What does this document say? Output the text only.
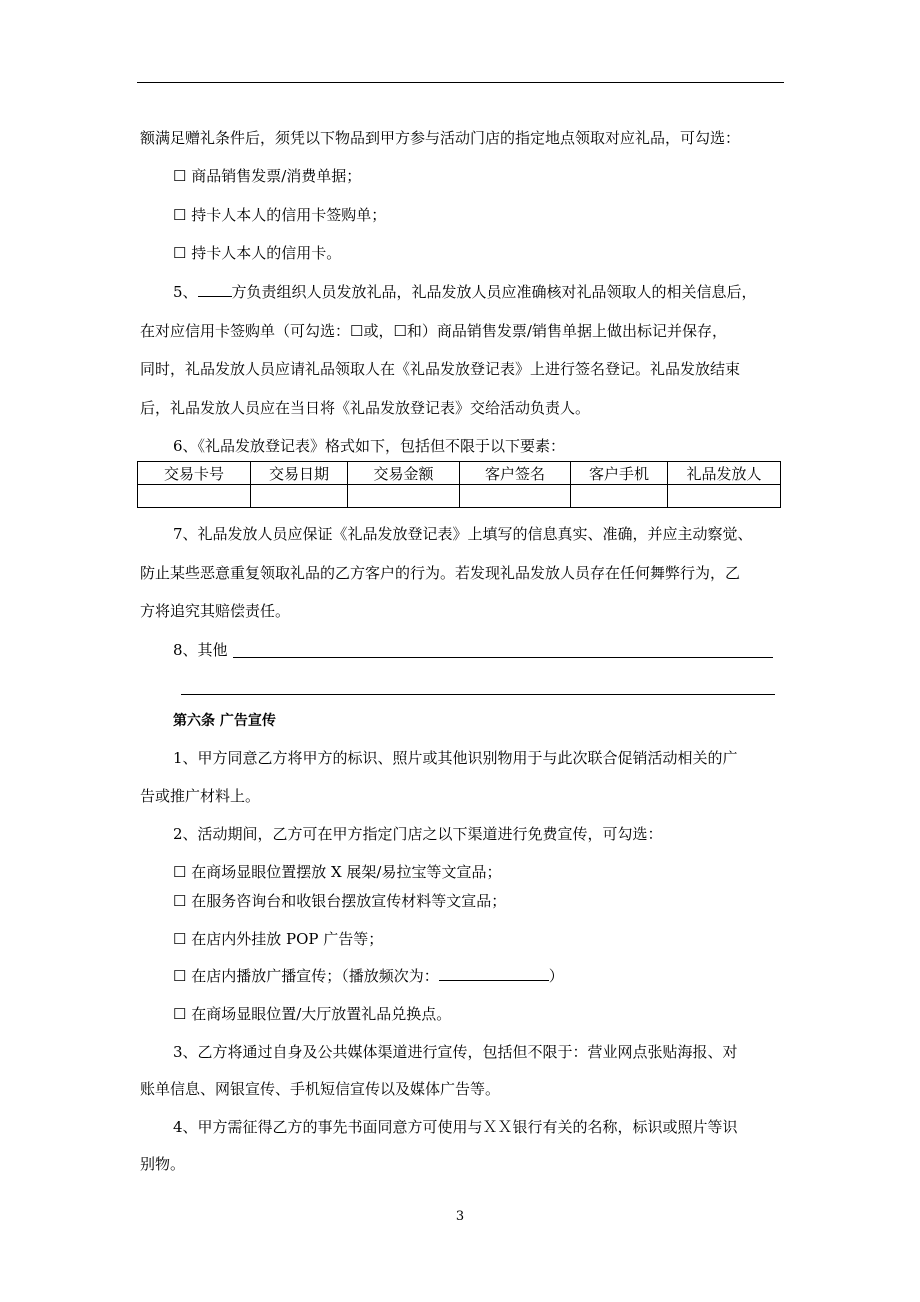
额满足赠礼条件后，须凭以下物品到甲方参与活动门店的指定地点领取对应礼品，可勾选：
☐ 商品销售发票/消费单据；
☐ 持卡人本人的信用卡签购单；
☐ 持卡人本人的信用卡。
5、 方负责组织人员发放礼品，礼品发放人员应准确核对礼品领取人的相关信息后，
在对应信用卡签购单（可勾选：☐或，☐和）商品销售发票/销售单据上做出标记并保存，
同时，礼品发放人员应请礼品领取人在《礼品发放登记表》上进行签名登记。礼品发放结束
后，礼品发放人员应在当日将《礼品发放登记表》交给活动负责人。
6、《礼品发放登记表》格式如下，包括但不限于以下要素：
交易卡号	交易日期	交易金额	客户签名	客户手机	礼品发放人

7、礼品发放人员应保证《礼品发放登记表》上填写的信息真实、准确，并应主动察觉、
防止某些恶意重复领取礼品的乙方客户的行为。若发现礼品发放人员存在任何舞弊行为，乙
方将追究其赔偿责任。
8、其他
第六条 广告宣传
1、甲方同意乙方将甲方的标识、照片或其他识别物用于与此次联合促销活动相关的广
告或推广材料上。
2、活动期间，乙方可在甲方指定门店之以下渠道进行免费宣传，可勾选：
☐ 在商场显眼位置摆放 X 展架/易拉宝等文宣品；
☐ 在服务咨询台和收银台摆放宣传材料等文宣品；
☐ 在店内外挂放 POP 广告等；
☐ 在店内播放广播宣传；（播放频次为：	）
☐ 在商场显眼位置/大厅放置礼品兑换点。
3、乙方将通过自身及公共媒体渠道进行宣传，包括但不限于：营业网点张贴海报、对
账单信息、网银宣传、手机短信宣传以及媒体广告等。
4、甲方需征得乙方的事先书面同意方可使用与ＸＸ银行有关的名称，标识或照片等识
别物。
3
